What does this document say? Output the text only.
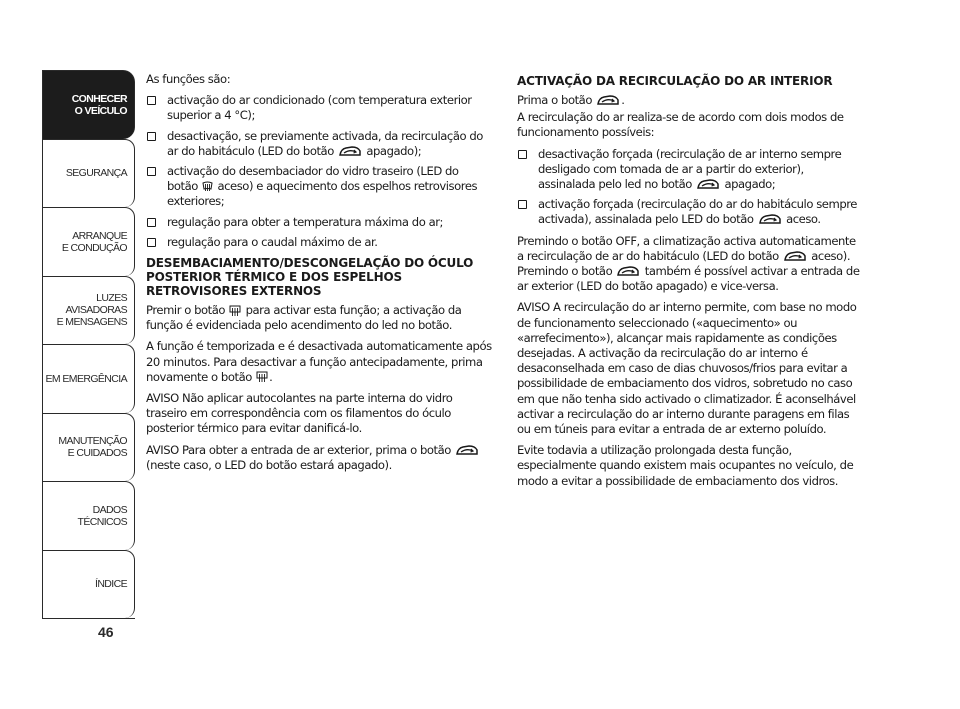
CONHECER
O VEÍCULO
SEGURANÇA
ARRANQUE
E CONDUÇÃO
LUZES
AVISADORAS
E MENSAGENS
EM EMERGÊNCIA
MANUTENÇÃO
E CUIDADOS
DADOS
TÉCNICOS
ÍNDICE
46

As funções são:

activação do ar condicionado (com temperatura exterior superior a 4 °C);
desactivação, se previamente activada, da recirculação do ar do habitáculo (LED do botão	apagado);
activação do desembaciador do vidro traseiro (LED do botão aceso) e aquecimento dos espelhos retrovisores exteriores;
regulação para obter a temperatura máxima do ar;
regulação para o caudal máximo de ar.
DESEMBACIAMENTO/DESCONGELAÇÃO DO ÓCULO POSTERIOR TÉRMICO E DOS ESPELHOS RETROVISORES EXTERNOS

Premir o botão para activar esta função; a activação da função é evidenciada pelo acendimento do led no botão.

A função é temporizada e é desactivada automaticamente após 20 minutos. Para desactivar a função antecipadamente, prima novamente o botão .

AVISO Não aplicar autocolantes na parte interna do vidro traseiro em correspondência com os filamentos do óculo posterior térmico para evitar danificá-lo.

AVISO Para obter a entrada de ar exterior, prima o botão
(neste caso, o LED do botão estará apagado).

ACTIVAÇÃO DA RECIRCULAÇÃO DO AR INTERIOR

Prima o botão	.

A recirculação do ar realiza-se de acordo com dois modos de funcionamento possíveis:

desactivação forçada (recirculação de ar interno sempre desligado com tomada de ar a partir do exterior), assinalada pelo led no botão	apagado;
activação forçada (recirculação do ar do habitáculo sempre activada), assinalada pelo LED do botão	aceso.

Premindo o botão OFF, a climatização activa automaticamente a recirculação de ar do habitáculo (LED do botão	aceso). Premindo o botão	também é possível activar a entrada de ar exterior (LED do botão apagado) e vice-versa.

AVISO A recirculação do ar interno permite, com base no modo de funcionamento seleccionado («aquecimento» ou «arrefecimento»), alcançar mais rapidamente as condições desejadas. A activação da recirculação do ar interno é desaconselhada em caso de dias chuvosos/frios para evitar a possibilidade de embaciamento dos vidros, sobretudo no caso em que não tenha sido activado o climatizador. É aconselhável activar a recirculação do ar interno durante paragens em filas ou em túneis para evitar a entrada de ar externo poluído.

Evite todavia a utilização prolongada desta função, especialmente quando existem mais ocupantes no veículo, de modo a evitar a possibilidade de embaciamento dos vidros.
